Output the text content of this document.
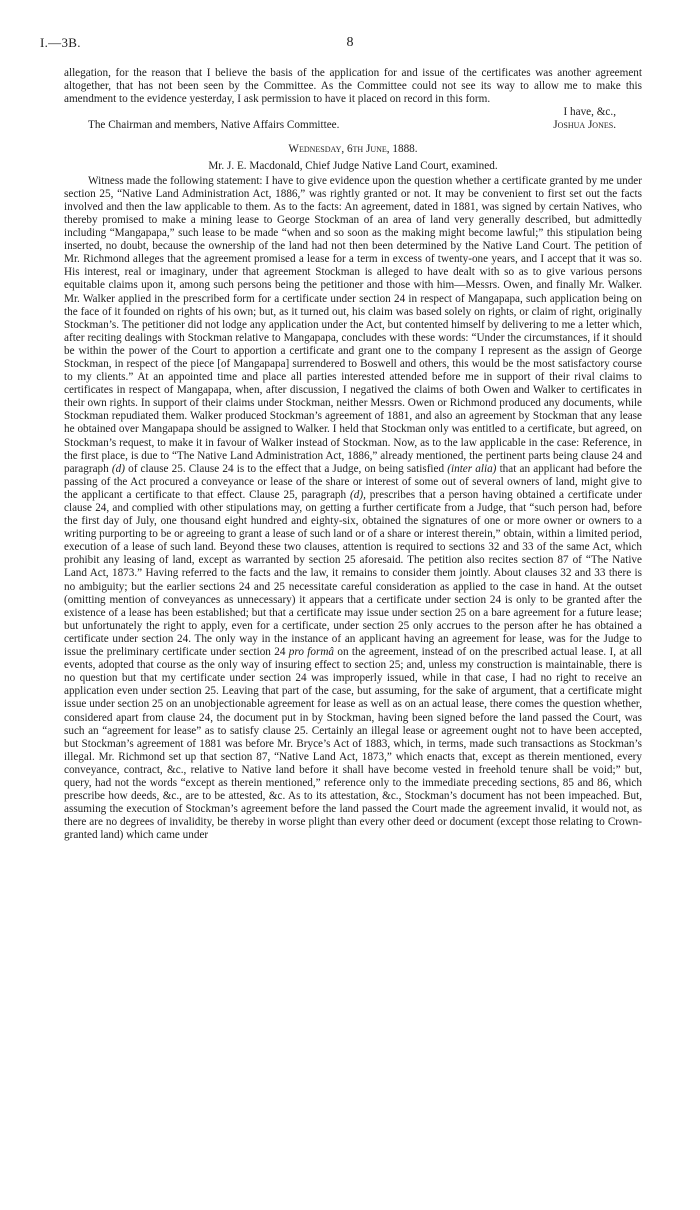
I.—3B.	8

allegation, for the reason that I believe the basis of the application for and issue of the certificates was another agreement altogether, that has not been seen by the Committee. As the Committee could not see its way to allow me to make this amendment to the evidence yesterday, I ask permission to have it placed on record in this form.

I have, &c.,
The Chairman and members, Native Affairs Committee.	Joshua Jones.

Wednesday, 6th June, 1888.

Mr. J. E. Macdonald, Chief Judge Native Land Court, examined.

Witness made the following statement: I have to give evidence upon the question whether a certificate granted by me under section 25, “Native Land Administration Act, 1886,” was rightly granted or not. It may be convenient to first set out the facts involved and then the law applicable to them. As to the facts: An agreement, dated in 1881, was signed by certain Natives, who thereby promised to make a mining lease to George Stockman of an area of land very generally described, but admittedly including “Mangapapa,” such lease to be made “when and so soon as the making might become lawful;” this stipulation being inserted, no doubt, because the ownership of the land had not then been determined by the Native Land Court. The petition of Mr. Richmond alleges that the agreement promised a lease for a term in excess of twenty-one years, and I accept that it was so. His interest, real or imaginary, under that agreement Stockman is alleged to have dealt with so as to give various persons equitable claims upon it, among such persons being the petitioner and those with him—Messrs. Owen, and finally Mr. Walker. Mr. Walker applied in the prescribed form for a certificate under section 24 in respect of Mangapapa, such application being on the face of it founded on rights of his own; but, as it turned out, his claim was based solely on rights, or claim of right, originally Stockman’s. The petitioner did not lodge any application under the Act, but contented himself by delivering to me a letter which, after reciting dealings with Stockman relative to Mangapapa, concludes with these words: “Under the circumstances, if it should be within the power of the Court to apportion a certificate and grant one to the company I represent as the assign of George Stockman, in respect of the piece [of Mangapapa] surrendered to Boswell and others, this would be the most satisfactory course to my clients.” At an appointed time and place all parties interested attended before me in support of their rival claims to certificates in respect of Mangapapa, when, after discussion, I negatived the claims of both Owen and Walker to certificates in their own rights. In support of their claims under Stockman, neither Messrs. Owen or Richmond produced any documents, while Stockman repudiated them. Walker produced Stockman’s agreement of 1881, and also an agreement by Stockman that any lease he obtained over Mangapapa should be assigned to Walker. I held that Stockman only was entitled to a certificate, but agreed, on Stockman’s request, to make it in favour of Walker instead of Stockman. Now, as to the law applicable in the case: Reference, in the first place, is due to “The Native Land Administration Act, 1886,” already mentioned, the pertinent parts being clause 24 and paragraph (d) of clause 25. Clause 24 is to the effect that a Judge, on being satisfied (inter alia) that an applicant had before the passing of the Act procured a conveyance or lease of the share or interest of some out of several owners of land, might give to the applicant a certificate to that effect. Clause 25, paragraph (d), prescribes that a person having obtained a certificate under clause 24, and complied with other stipulations may, on getting a further certificate from a Judge, that “such person had, before the first day of July, one thousand eight hundred and eighty-six, obtained the signatures of one or more owner or owners to a writing purporting to be or agreeing to grant a lease of such land or of a share or interest therein,” obtain, within a limited period, execution of a lease of such land. Beyond these two clauses, attention is required to sections 32 and 33 of the same Act, which prohibit any leasing of land, except as warranted by section 25 aforesaid. The petition also recites section 87 of “The Native Land Act, 1873.” Having referred to the facts and the law, it remains to consider them jointly. About clauses 32 and 33 there is no ambiguity; but the earlier sections 24 and 25 necessitate careful consideration as applied to the case in hand. At the outset (omitting mention of conveyances as unnecessary) it appears that a certificate under section 24 is only to be granted after the existence of a lease has been established; but that a certificate may issue under section 25 on a bare agreement for a future lease; but unfortunately the right to apply, even for a certificate, under section 25 only accrues to the person after he has obtained a certificate under section 24. The only way in the instance of an applicant having an agreement for lease, was for the Judge to issue the preliminary certificate under section 24 pro formâ on the agreement, instead of on the prescribed actual lease. I, at all events, adopted that course as the only way of insuring effect to section 25; and, unless my construction is maintainable, there is no question but that my certificate under section 24 was improperly issued, while in that case, I had no right to receive an application even under section 25. Leaving that part of the case, but assuming, for the sake of argument, that a certificate might issue under section 25 on an unobjectionable agreement for lease as well as on an actual lease, there comes the question whether, considered apart from clause 24, the document put in by Stockman, having been signed before the land passed the Court, was such an “agreement for lease” as to satisfy clause 25. Certainly an illegal lease or agreement ought not to have been accepted, but Stockman’s agreement of 1881 was before Mr. Bryce’s Act of 1883, which, in terms, made such transactions as Stockman’s illegal. Mr. Richmond set up that section 87, “Native Land Act, 1873,” which enacts that, except as therein mentioned, every conveyance, contract, &c., relative to Native land before it shall have become vested in freehold tenure shall be void;” but, query, had not the words “except as therein mentioned,” reference only to the immediate preceding sections, 85 and 86, which prescribe how deeds, &c., are to be attested, &c. As to its attestation, &c., Stockman’s document has not been impeached. But, assuming the execution of Stockman’s agreement before the land passed the Court made the agreement invalid, it would not, as there are no degrees of invalidity, be thereby in worse plight than every other deed or document (except those relating to Crown-granted land) which came under
